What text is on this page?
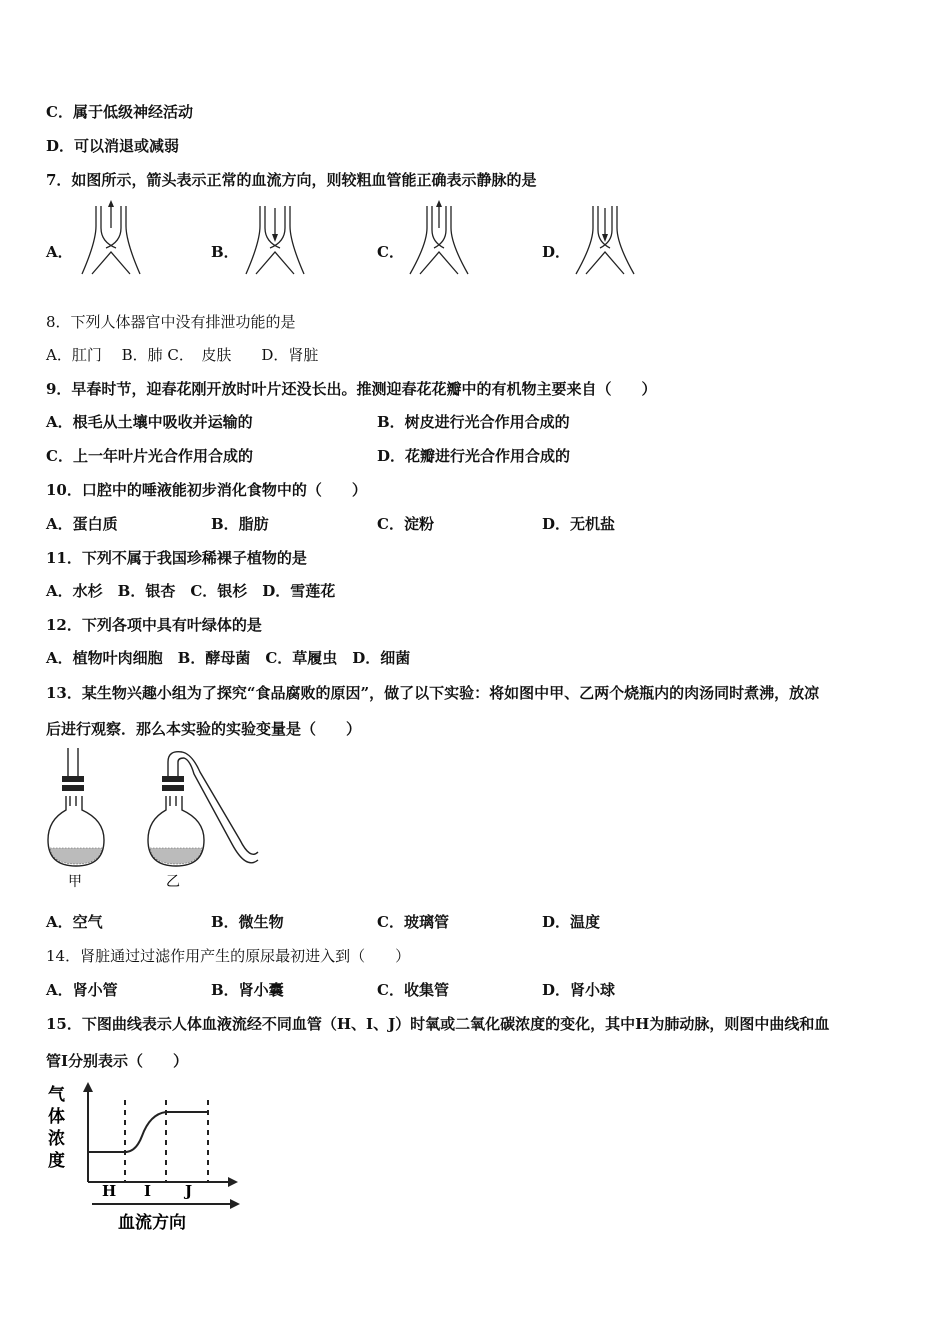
C．属于低级神经活动
D．可以消退或减弱
7．如图所示，箭头表示正常的血流方向，则较粗血管能正确表示静脉的是
A．	B．	C．	D．
8．下列人体器官中没有排泄功能的是
A．肛门　 B．肺 C．　皮肤　　D．肾脏
9．早春时节，迎春花刚开放时叶片还没长出。推测迎春花花瓣中的有机物主要来自（　　）
A．根毛从土壤中吸收并运输的	B．树皮进行光合作用合成的
C．上一年叶片光合作用合成的	D．花瓣进行光合作用合成的
10．口腔中的唾液能初步消化食物中的（　　）
A．蛋白质	B．脂肪	C．淀粉	D．无机盐
11．下列不属于我国珍稀裸子植物的是
A．水杉　B．银杏　C．银杉　D．雪莲花
12．下列各项中具有叶绿体的是
A．植物叶肉细胞　B．酵母菌　C．草履虫　D．细菌
13．某生物兴趣小组为了探究“食品腐败的原因”，做了以下实验：将如图中甲、乙两个烧瓶内的肉汤同时煮沸，放凉
后进行观察．那么本实验的实验变量是（　　）
甲	乙
A．空气	B．微生物	C．玻璃管	D．温度
14．肾脏通过过滤作用产生的原尿最初进入到（　　）
A．肾小管	B．肾小囊	C．收集管	D．肾小球
15．下图曲线表示人体血液流经不同血管（H、I、J）时氧或二氧化碳浓度的变化，其中H为肺动脉，则图中曲线和血
管I分别表示（　　）
气
体
浓
度
H I J
血流方向
